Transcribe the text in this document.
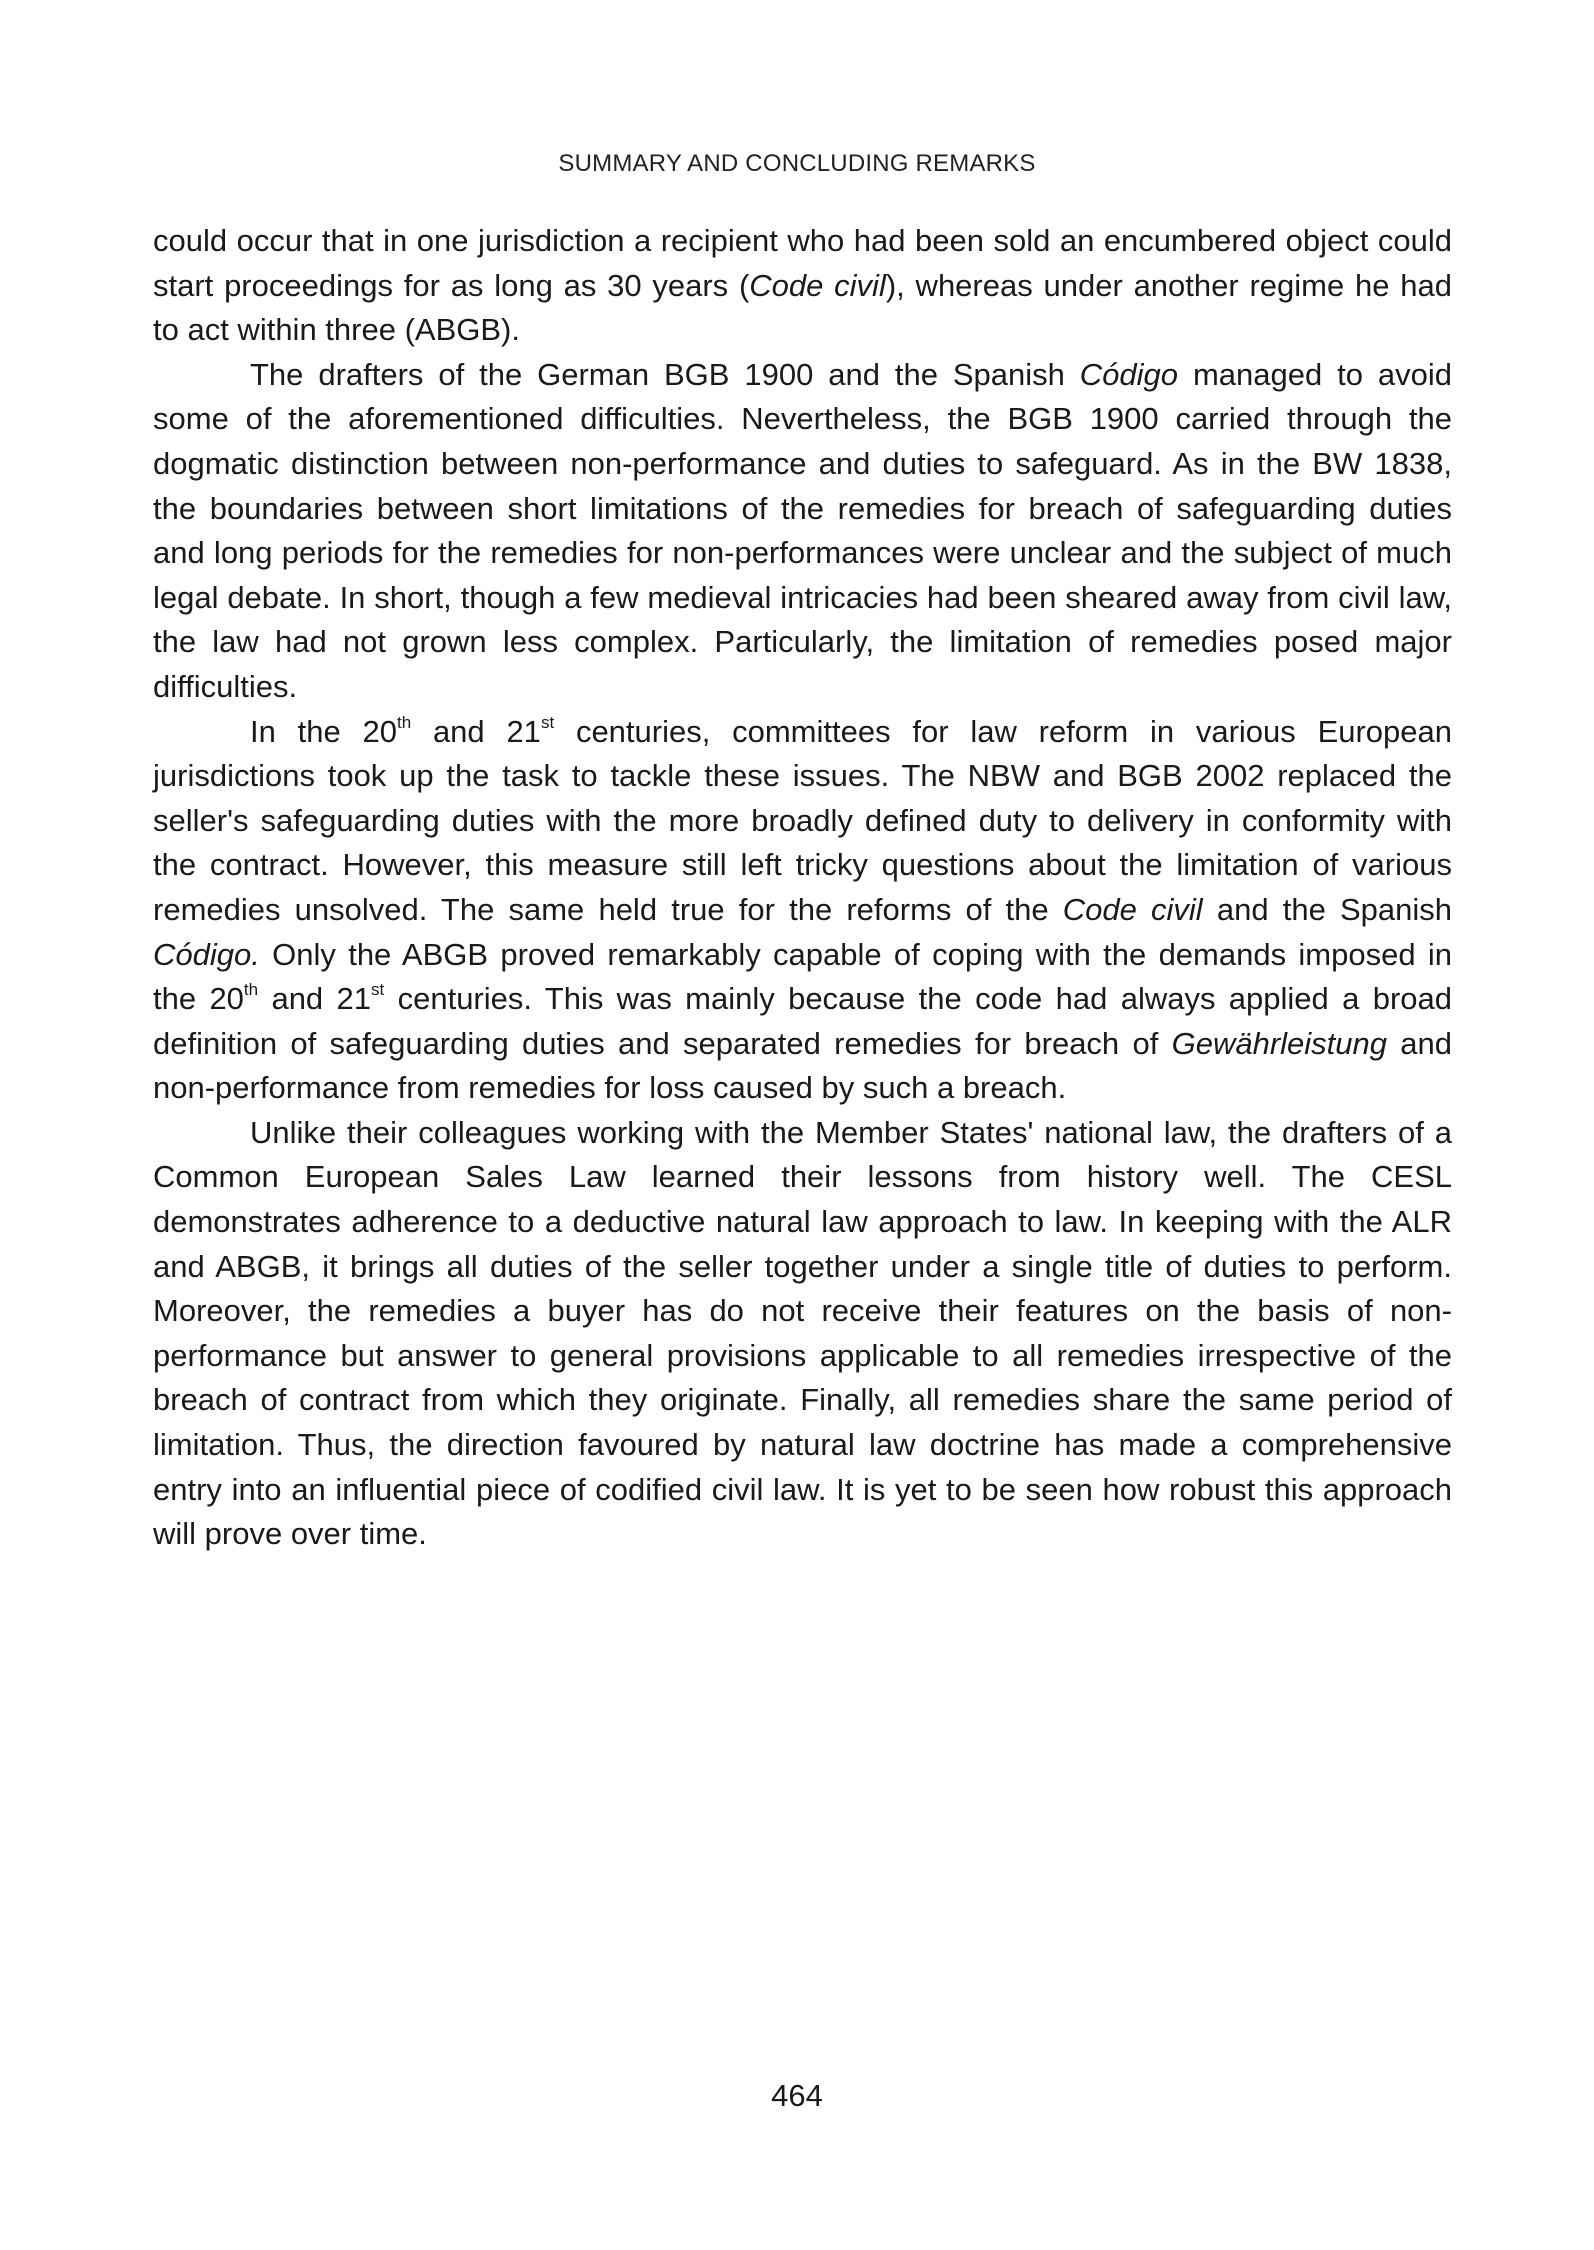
SUMMARY AND CONCLUDING REMARKS

could occur that in one jurisdiction a recipient who had been sold an encumbered object could start proceedings for as long as 30 years (Code civil), whereas under another regime he had to act within three (ABGB).

The drafters of the German BGB 1900 and the Spanish Código managed to avoid some of the aforementioned difficulties. Nevertheless, the BGB 1900 carried through the dogmatic distinction between non-performance and duties to safeguard. As in the BW 1838, the boundaries between short limitations of the remedies for breach of safeguarding duties and long periods for the remedies for non-performances were unclear and the subject of much legal debate. In short, though a few medieval intricacies had been sheared away from civil law, the law had not grown less complex. Particularly, the limitation of remedies posed major difficulties.

In the 20th and 21st centuries, committees for law reform in various European jurisdictions took up the task to tackle these issues. The NBW and BGB 2002 replaced the seller's safeguarding duties with the more broadly defined duty to delivery in conformity with the contract. However, this measure still left tricky questions about the limitation of various remedies unsolved. The same held true for the reforms of the Code civil and the Spanish Código. Only the ABGB proved remarkably capable of coping with the demands imposed in the 20th and 21st centuries. This was mainly because the code had always applied a broad definition of safeguarding duties and separated remedies for breach of Gewährleistung and non-performance from remedies for loss caused by such a breach.

Unlike their colleagues working with the Member States' national law, the drafters of a Common European Sales Law learned their lessons from history well. The CESL demonstrates adherence to a deductive natural law approach to law. In keeping with the ALR and ABGB, it brings all duties of the seller together under a single title of duties to perform. Moreover, the remedies a buyer has do not receive their features on the basis of non-performance but answer to general provisions applicable to all remedies irrespective of the breach of contract from which they originate. Finally, all remedies share the same period of limitation. Thus, the direction favoured by natural law doctrine has made a comprehensive entry into an influential piece of codified civil law. It is yet to be seen how robust this approach will prove over time.

464
